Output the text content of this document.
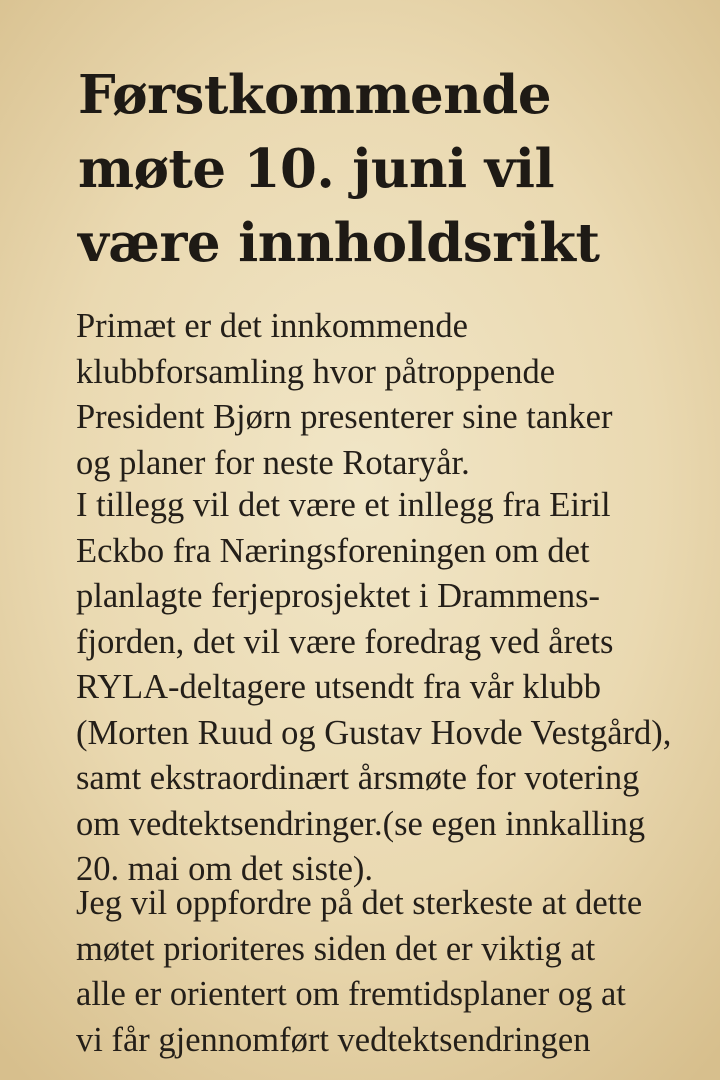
Førstkommende
møte 10. juni vil
være innholdsrikt

Primæt er det innkommende
klubbforsamling hvor påtroppende
President Bjørn presenterer sine tanker
og planer for neste Rotaryår.

I tillegg vil det være et inllegg fra Eiril
Eckbo fra Næringsforeningen om det
planlagte ferjeprosjektet i Drammens-
fjorden, det vil være foredrag ved årets
RYLA-deltagere utsendt fra vår klubb
(Morten Ruud og Gustav Hovde Vestgård),
samt ekstraordinært årsmøte for votering
om vedtektsendringer.(se egen innkalling
20. mai om det siste).

Jeg vil oppfordre på det sterkeste at dette
møtet prioriteres siden det er viktig at
alle er orientert om fremtidsplaner og at
vi får gjennomført vedtektsendringen
